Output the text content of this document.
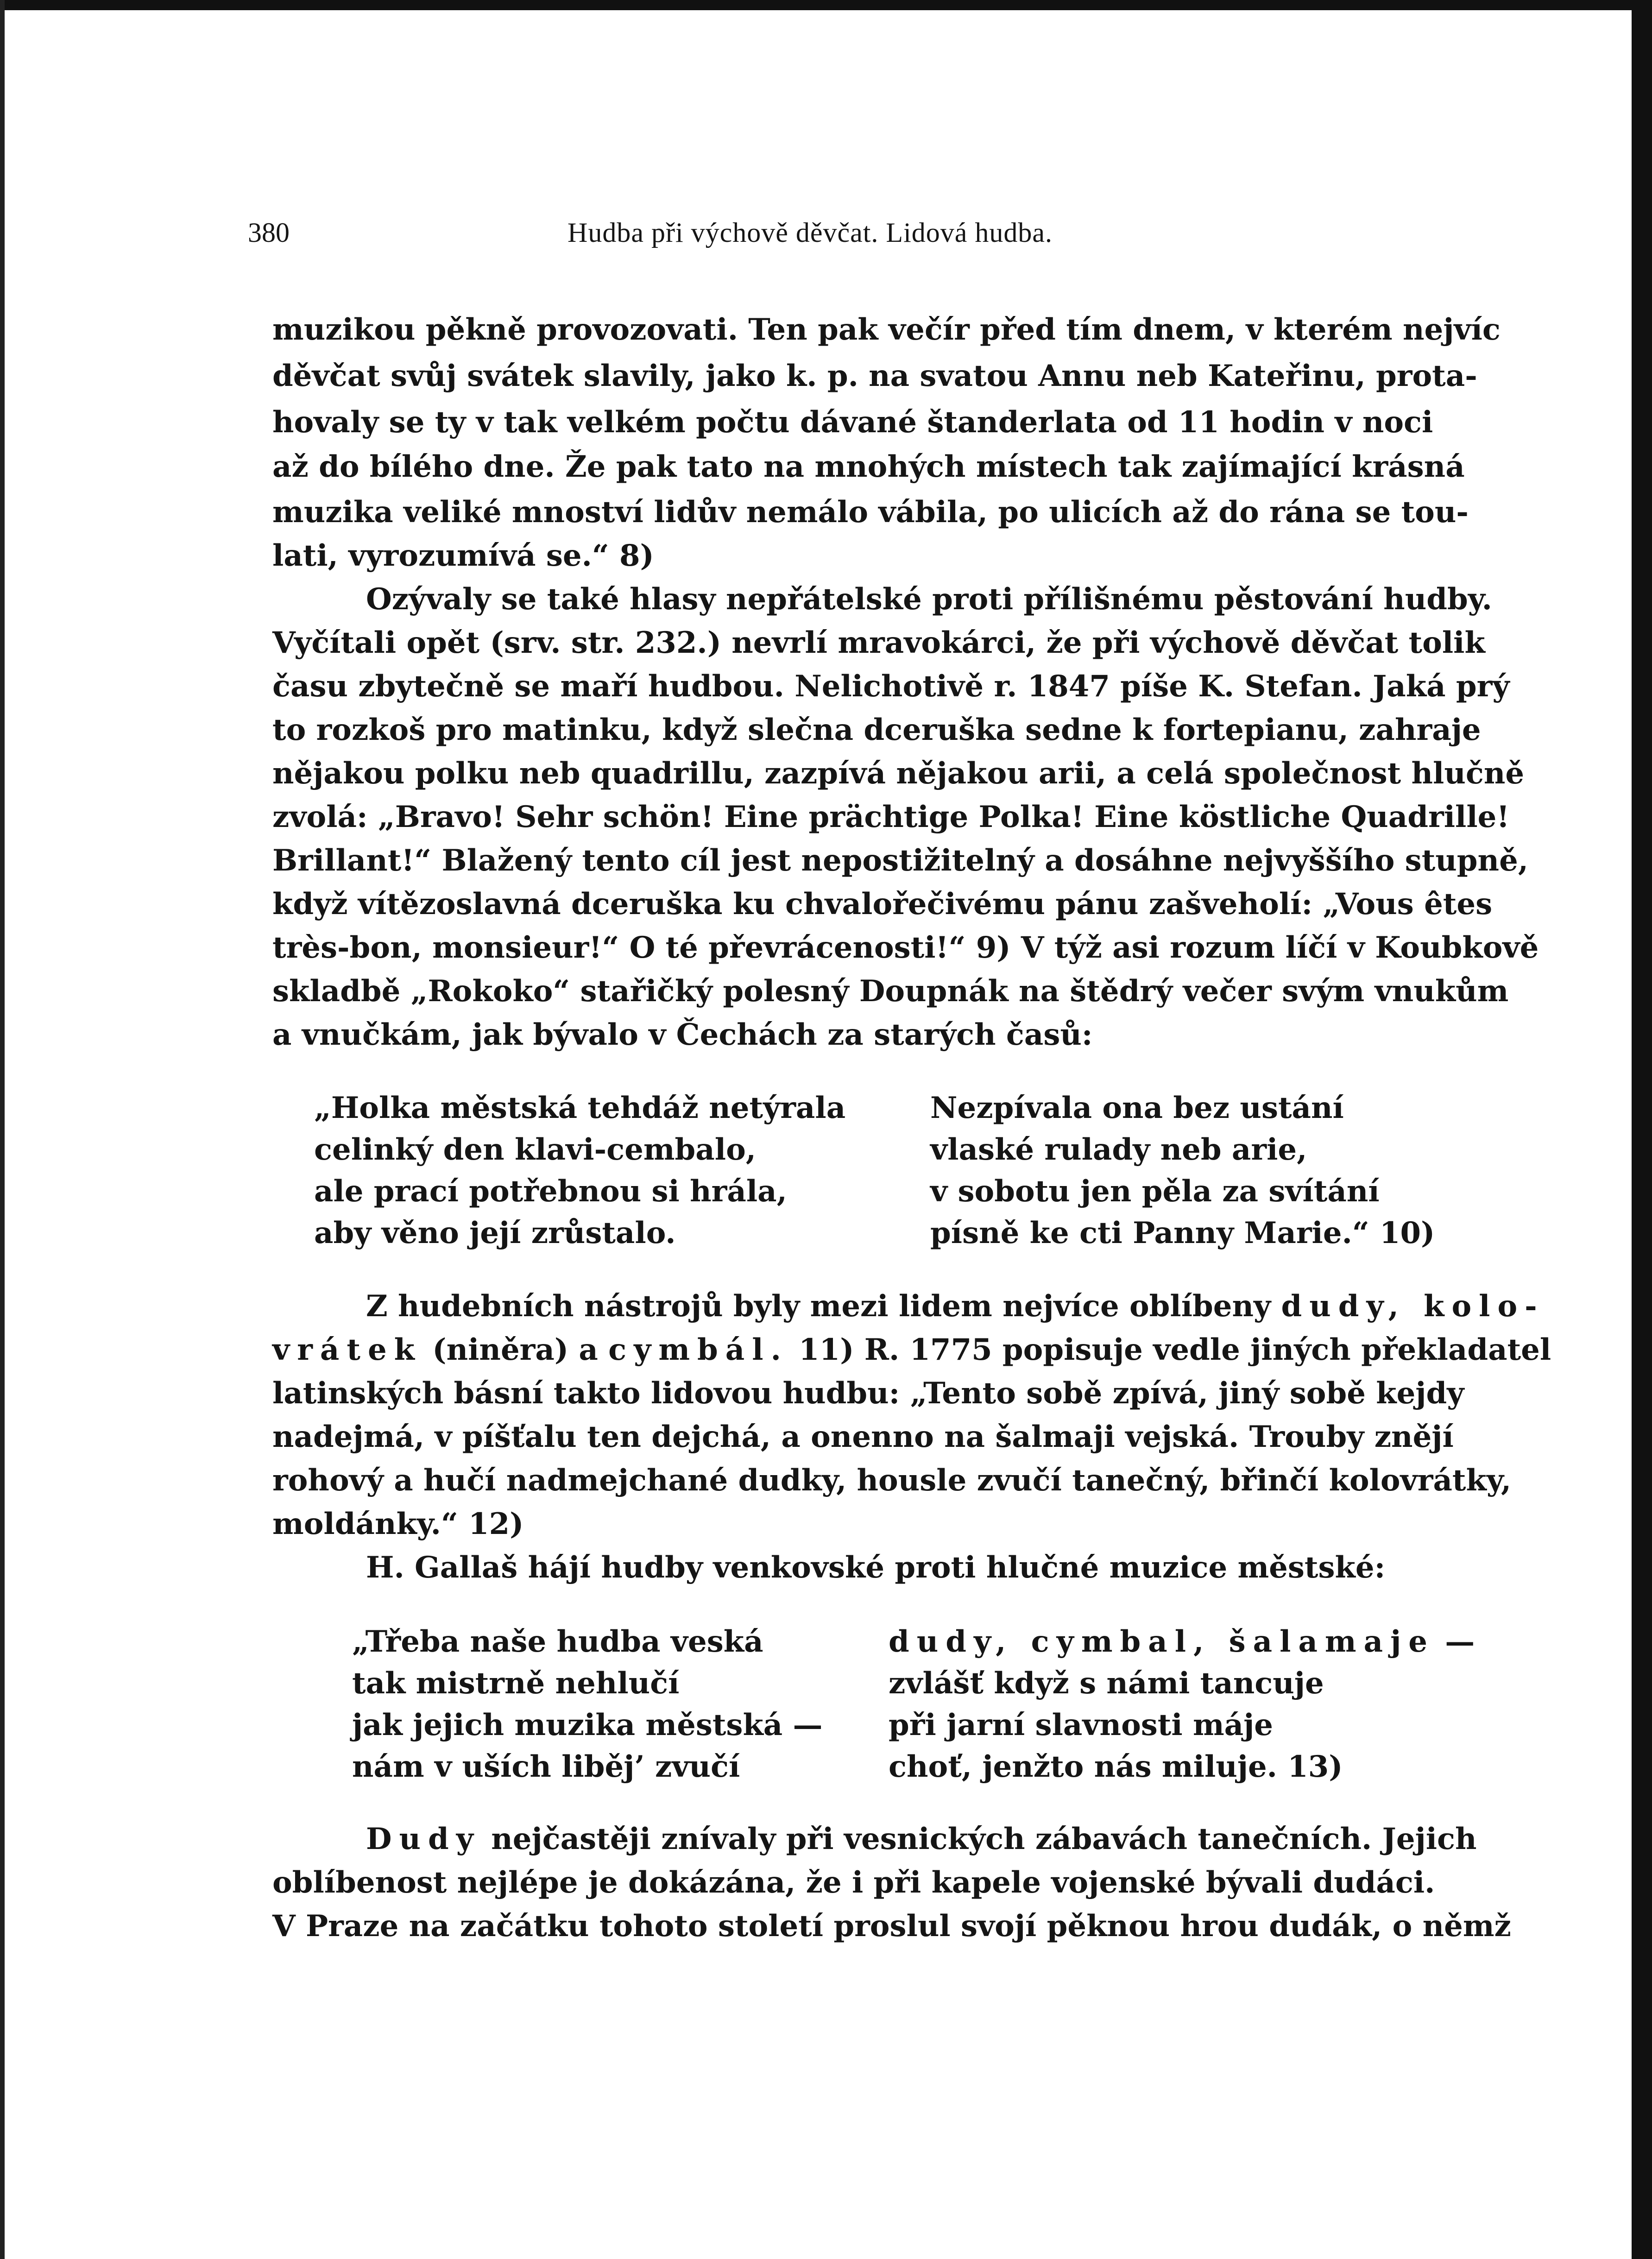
380	Hudba při výchově děvčat. Lidová hudba.
muzikou pěkně provozovati. Ten pak večír před tím dnem, v kterém nejvíc
děvčat svůj svátek slavily, jako k. p. na svatou Annu neb Kateřinu, prota-
hovaly se ty v tak velkém počtu dávané štanderlata od 11 hodin v noci
až do bílého dne. Že pak tato na mnohých místech tak zajímající krásná
muzika veliké mnoství lidův nemálo vábila, po ulicích až do rána se tou-
lati, vyrozumívá se.“ 8)
Ozývaly se také hlasy nepřátelské proti přílišnému pěstování hudby.
Vyčítali opět (srv. str. 232.) nevrlí mravokárci, že při výchově děvčat tolik
času zbytečně se maří hudbou. Nelichotivě r. 1847 píše K. Stefan. Jaká prý
to rozkoš pro matinku, když slečna dceruška sedne k fortepianu, zahraje
nějakou polku neb quadrillu, zazpívá nějakou arii, a celá společnost hlučně
zvolá: „Bravo! Sehr schön! Eine prächtige Polka! Eine köstliche Quadrille!
Brillant!“ Blažený tento cíl jest nepostižitelný a dosáhne nejvyššího stupně,
když vítězoslavná dceruška ku chvalořečivému pánu zašveholí: „Vous êtes
très-bon, monsieur!“ O té převrácenosti!“ 9) V týž asi rozum líčí v Koubkově
skladbě „Rokoko“ stařičký polesný Doupnák na štědrý večer svým vnukům
a vnučkám, jak bývalo v Čechách za starých časů:
„Holka městská tehdáž netýrala
celinký den klavi-cembalo,
ale prací potřebnou si hrála,
aby věno její zrůstalo.
Nezpívala ona bez ustání
vlaské rulady neb arie,
v sobotu jen pěla za svítání
písně ke cti Panny Marie.“ 10)
Z hudebních nástrojů byly mezi lidem nejvíce oblíbeny dudy, kolo-
vrátek (niněra) a cymbál. 11) R. 1775 popisuje vedle jiných překladatel
latinských básní takto lidovou hudbu: „Tento sobě zpívá, jiný sobě kejdy
nadejmá, v píšťalu ten dejchá, a onenno na šalmaji vejská. Trouby znějí
rohový a hučí nadmejchané dudky, housle zvučí tanečný, břinčí kolovrátky,
moldánky.“ 12)
H. Gallaš hájí hudby venkovské proti hlučné muzice městské:
„Třeba naše hudba veská
tak mistrně nehlučí
jak jejich muzika městská —
nám v uších liběj’ zvučí
dudy, cymbal, šalamaje —
zvlášť když s námi tancuje
při jarní slavnosti máje
choť, jenžto nás miluje. 13)
Dudy nejčastěji znívaly při vesnických zábavách tanečních. Jejich
oblíbenost nejlépe je dokázána, že i při kapele vojenské bývali dudáci.
V Praze na začátku tohoto století proslul svojí pěknou hrou dudák, o němž
